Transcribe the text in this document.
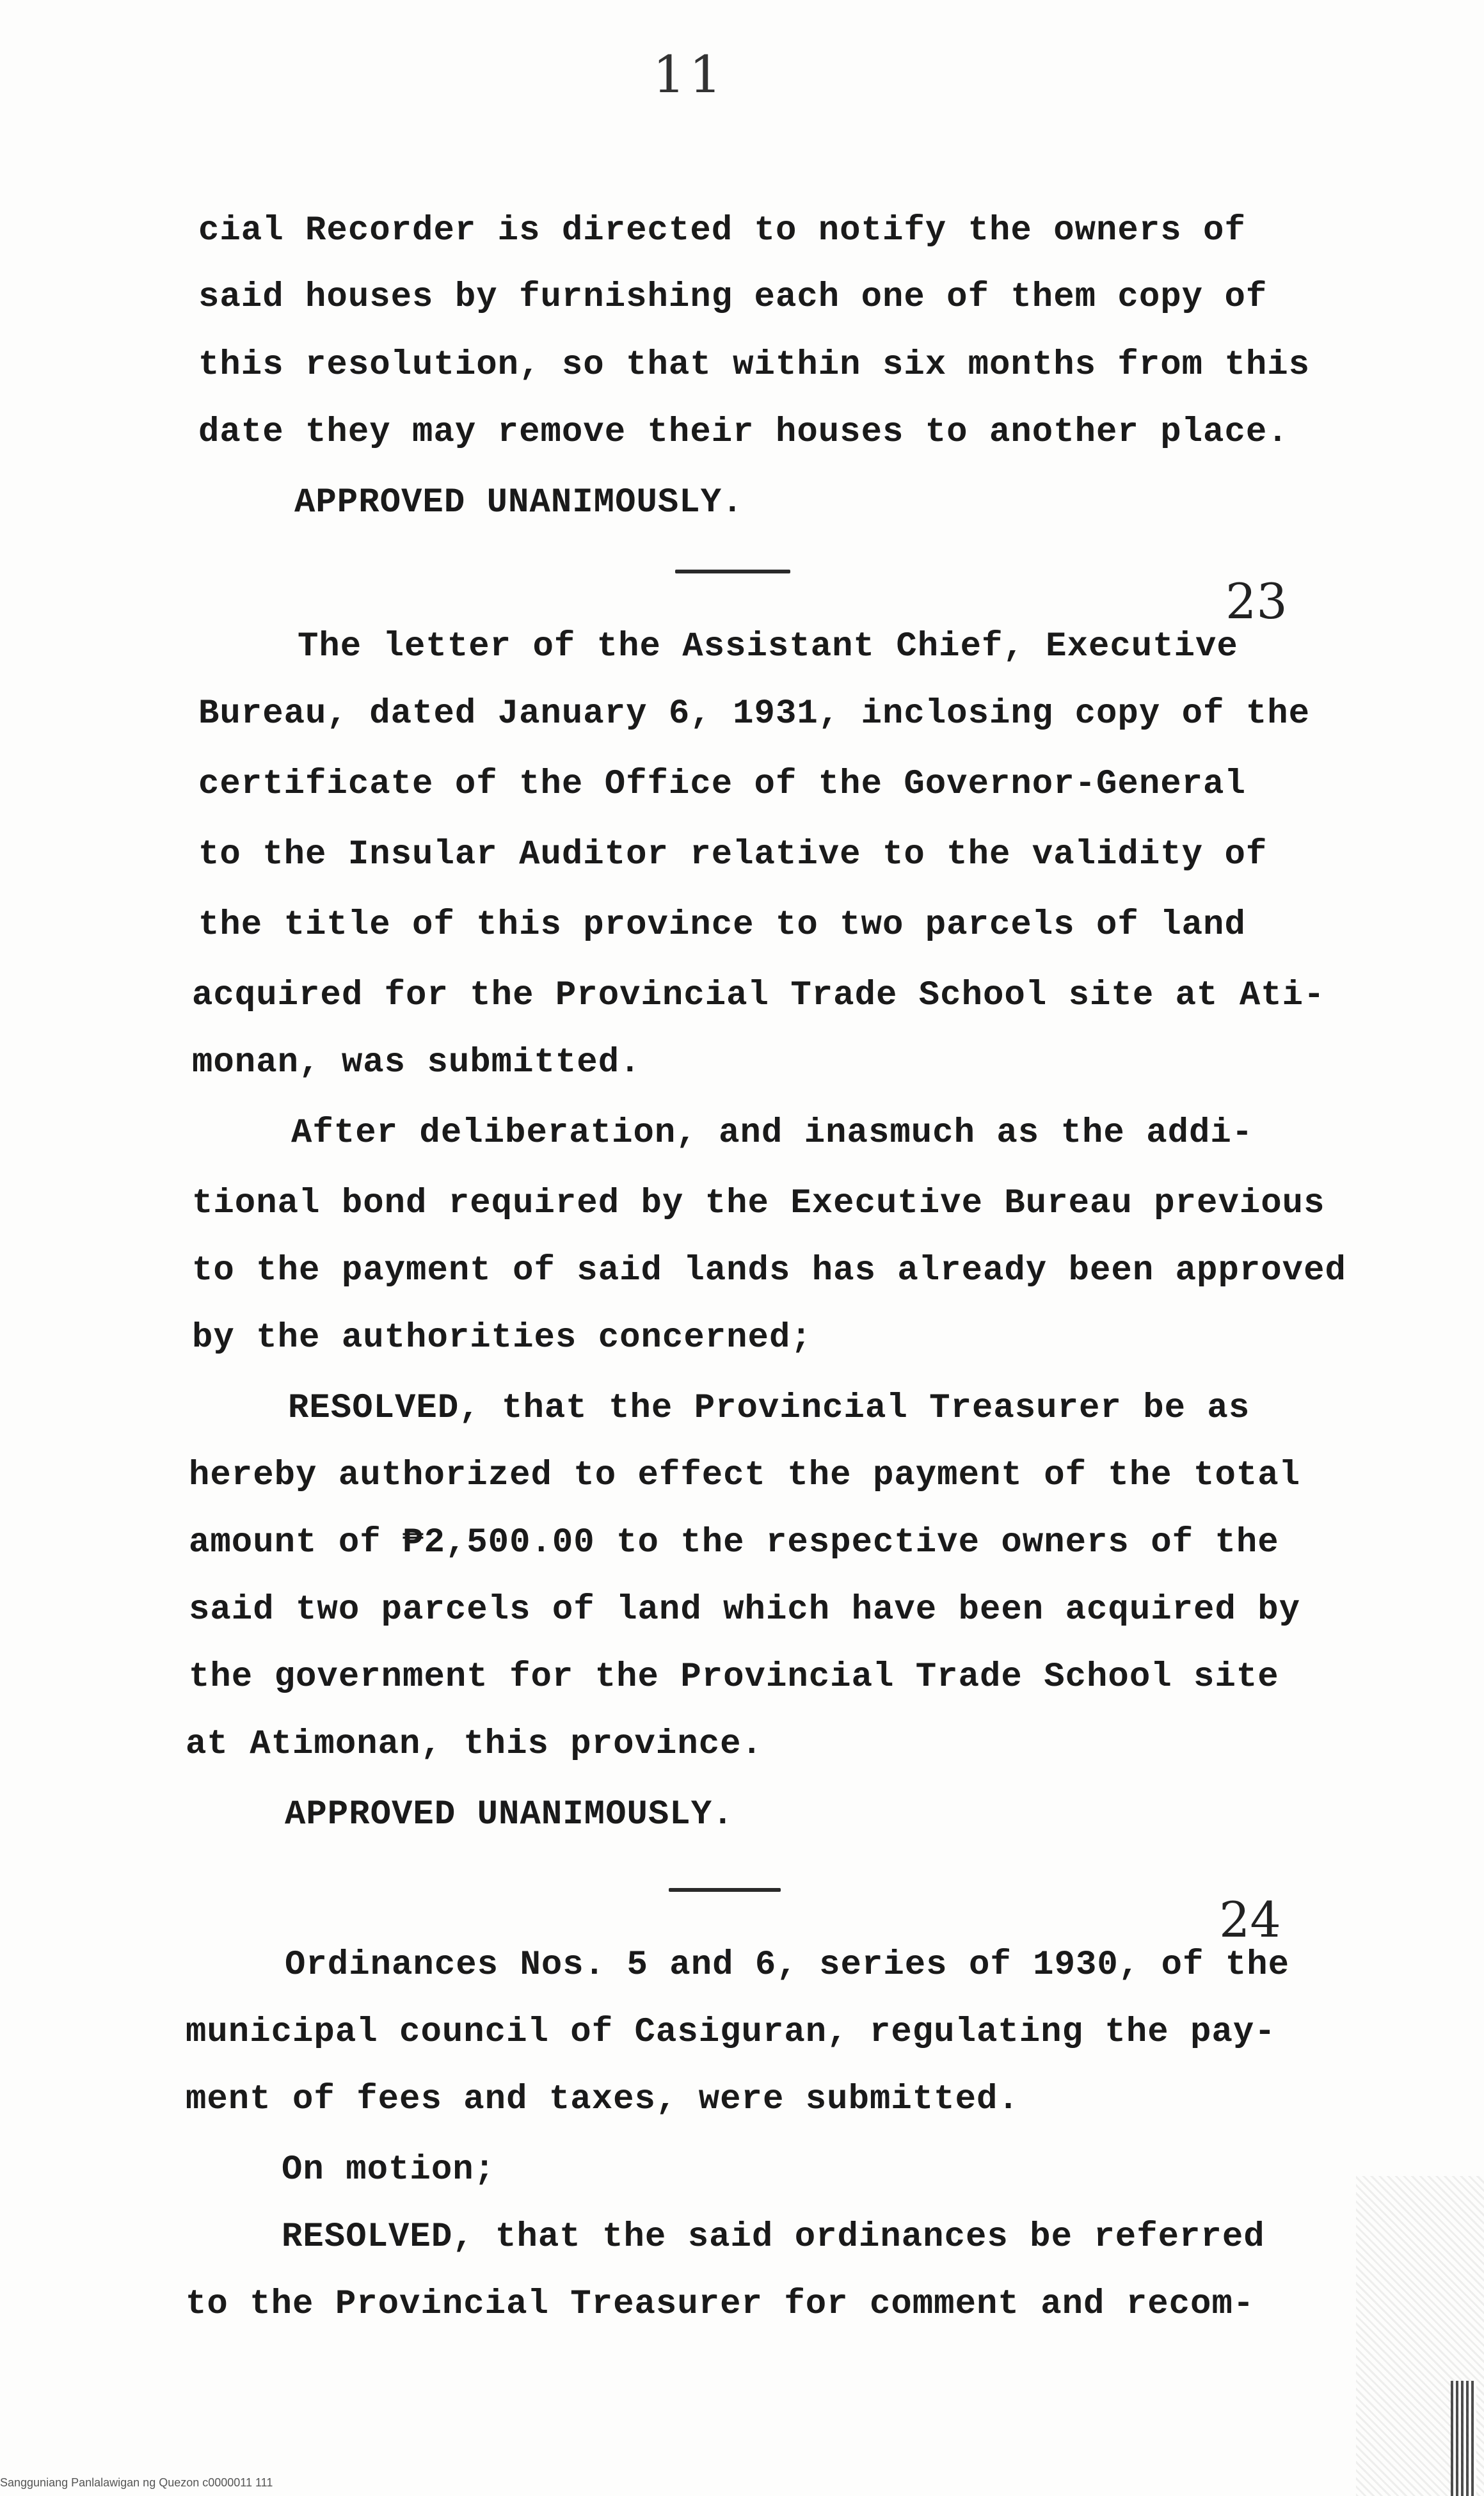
11
cial Recorder is directed to notify the owners of
said houses by furnishing each one of them copy of
this resolution, so that within six months from this
date they may remove their houses to another place.
APPROVED UNANIMOUSLY.
23
The letter of the Assistant Chief, Executive
Bureau, dated January 6, 1931, inclosing copy of the
certificate of the Office of the Governor-General
to the Insular Auditor relative to the validity of
the title of this province to two parcels of land
acquired for the Provincial Trade School site at Ati-
monan, was submitted.
After deliberation, and inasmuch as the addi-
tional bond required by the Executive Bureau previous
to the payment of said lands has already been approved
by the authorities concerned;
RESOLVED, that the Provincial Treasurer be as
hereby authorized to effect the payment of the total
amount of ₱2,500.00 to the respective owners of the
said two parcels of land which have been acquired by
the government for the Provincial Trade School site
at Atimonan, this province.
APPROVED UNANIMOUSLY.
24
Ordinances Nos. 5 and 6, series of 1930, of the
municipal council of Casiguran, regulating the pay-
ment of fees and taxes, were submitted.
On motion;
RESOLVED, that the said ordinances be referred
to the Provincial Treasurer for comment and recom-
Sangguniang Panlalawigan ng Quezon c0000011 111
